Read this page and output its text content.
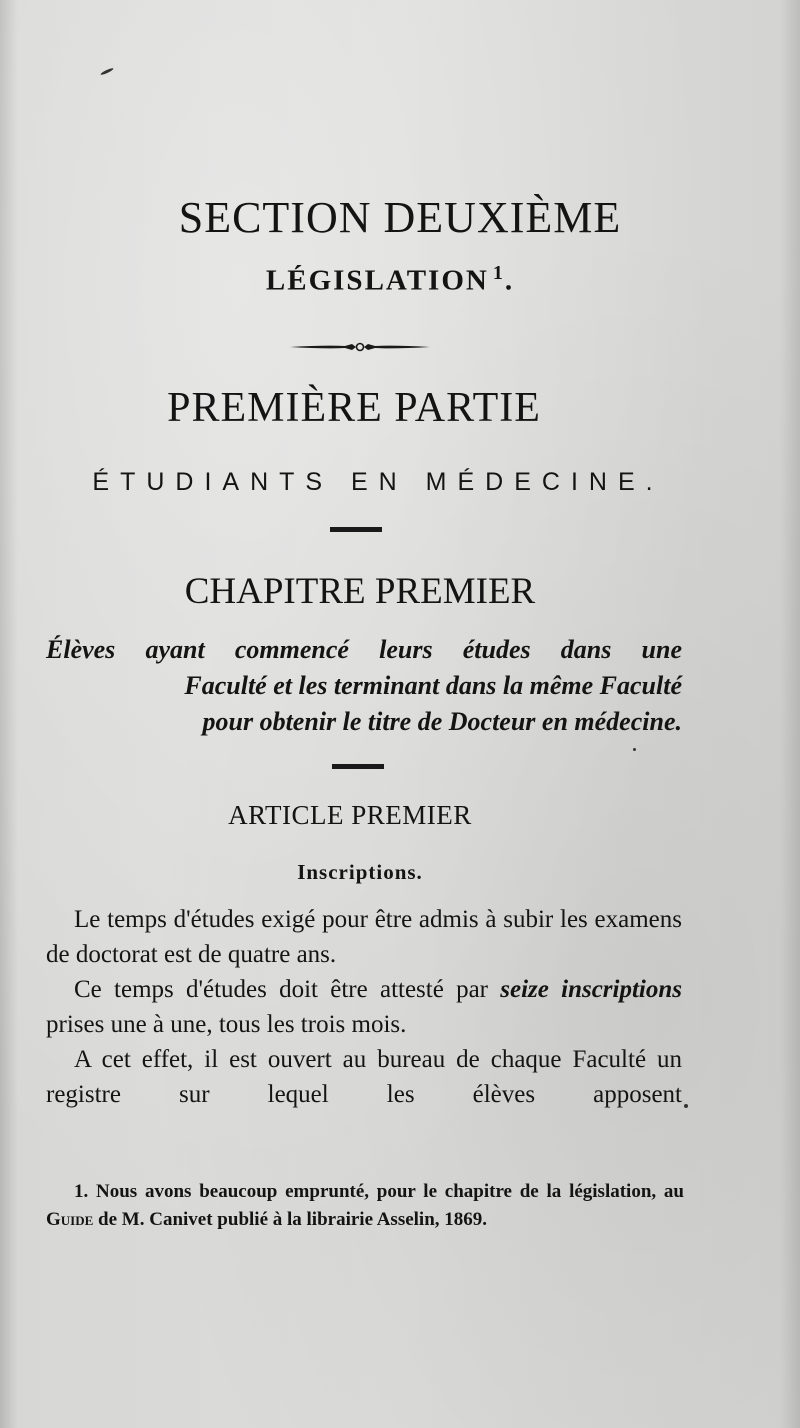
SECTION DEUXIÈME
LÉGISLATION $^1$.
PREMIÈRE PARTIE
ÉTUDIANTS EN MÉDECINE.
CHAPITRE PREMIER
Élèves ayant commencé leurs études dans une
Faculté et les terminant dans la même Faculté
pour obtenir le titre de Docteur en médecine.
ARTICLE PREMIER
Inscriptions.

Le temps d'études exigé pour être admis à subir les examens de doctorat est de quatre ans.

Ce temps d'études doit être attesté par seize inscriptions prises une à une, tous les trois mois.

A cet effet, il est ouvert au bureau de chaque Faculté un registre sur lequel les élèves apposent

1. Nous avons beaucoup emprunté, pour le chapitre de la législation, au Guide de M. Canivet publié à la librairie Asselin, 1869.
